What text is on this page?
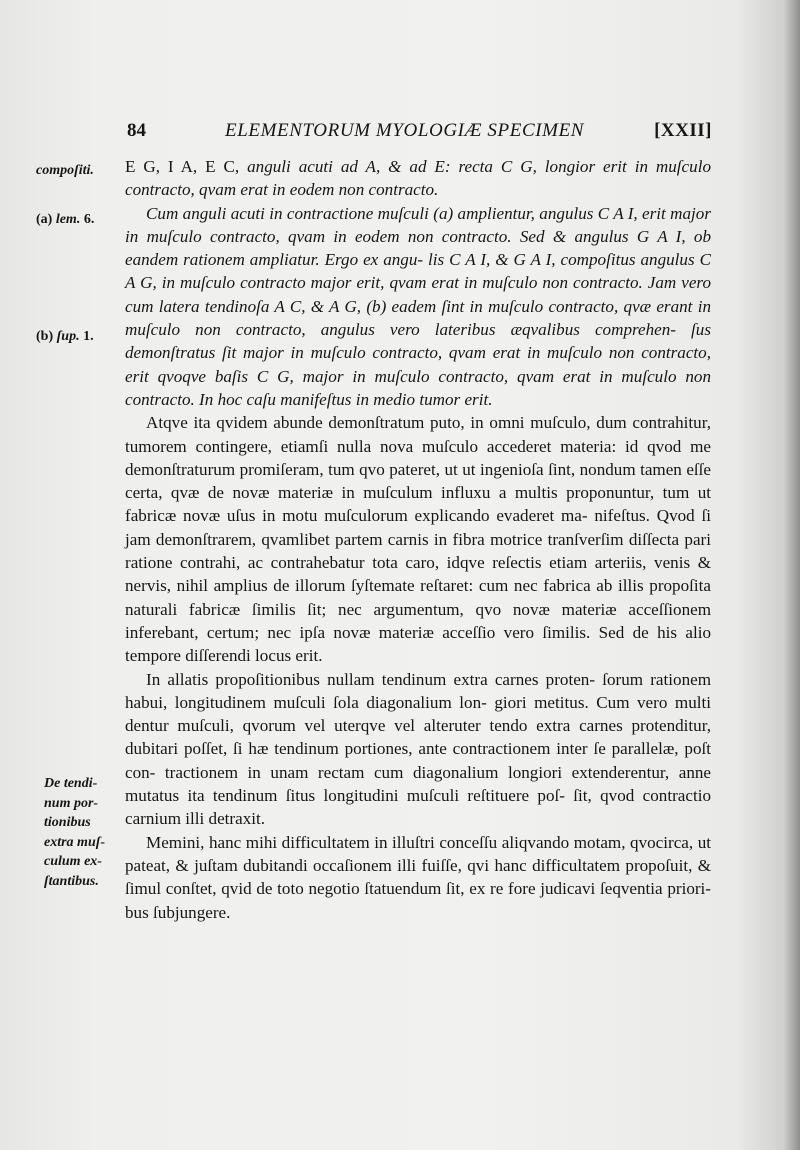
84	ELEMENTORUM MYOLOGIÆ SPECIMEN	[XXII]
compoſiti.
(a) lem. 6.
(b) ſup. 1.
De tendi-
num por-
tionibus
extra muſ-
culum ex-
ſtantibus.

E G, I A, E C, anguli acuti ad A, & ad E: recta C G, longior erit in muſculo contracto, qvam erat in eodem non contracto.

Cum anguli acuti in contractione muſculi (a) amplientur, angulus C A I, erit major in muſculo contracto, qvam in eodem non contracto. Sed & angulus G A I, ob eandem rationem ampliatur. Ergo ex angu- lis C A I, & G A I, compoſitus angulus C A G, in muſculo contracto major erit, qvam erat in muſculo non contracto. Jam vero cum latera tendinoſa A C, & A G, (b) eadem ſint in muſculo contracto, qvæ erant in muſculo non contracto, angulus vero lateribus æqvalibus comprehen- ſus demonſtratus ſit major in muſculo contracto, qvam erat in muſculo non contracto, erit qvoqve baſis C G, major in muſculo contracto, qvam erat in muſculo non contracto. In hoc caſu manifeſtus in medio tumor erit.

Atqve ita qvidem abunde demonſtratum puto, in omni muſculo, dum contrahitur, tumorem contingere, etiamſi nulla nova muſculo accederet materia: id qvod me demonſtraturum promiſeram, tum qvo pateret, ut ut ingenioſa ſint, nondum tamen eſſe certa, qvæ de novæ materiæ in muſculum influxu a multis proponuntur, tum ut fabricæ novæ uſus in motu muſculorum explicando evaderet ma- nifeſtus. Qvod ſi jam demonſtrarem, qvamlibet partem carnis in fibra motrice tranſverſim diſſecta pari ratione contrahi, ac contrahebatur tota caro, idqve reſectis etiam arteriis, venis & nervis, nihil amplius de illorum ſyſtemate reſtaret: cum nec fabrica ab illis propoſita naturali fabricæ ſimilis ſit; nec argumentum, qvo novæ materiæ acceſſionem inferebant, certum; nec ipſa novæ materiæ acceſſio vero ſimilis. Sed de his alio tempore diſſerendi locus erit.

In allatis propoſitionibus nullam tendinum extra carnes proten- ſorum rationem habui, longitudinem muſculi ſola diagonalium lon- giori metitus. Cum vero multi dentur muſculi, qvorum vel uterqve vel alteruter tendo extra carnes protenditur, dubitari poſſet, ſi hæ tendinum portiones, ante contractionem inter ſe parallelæ, poſt con- tractionem in unam rectam cum diagonalium longiori extenderentur, anne mutatus ita tendinum ſitus longitudini muſculi reſtituere poſ- ſit, qvod contractio carnium illi detraxit.

Memini, hanc mihi difficultatem in illuſtri conceſſu aliqvando motam, qvocirca, ut pateat, & juſtam dubitandi occaſionem illi fuiſſe, qvi hanc difficultatem propoſuit, & ſimul conſtet, qvid de toto negotio ſtatuendum ſit, ex re fore judicavi ſeqventia priori- bus ſubjungere.
